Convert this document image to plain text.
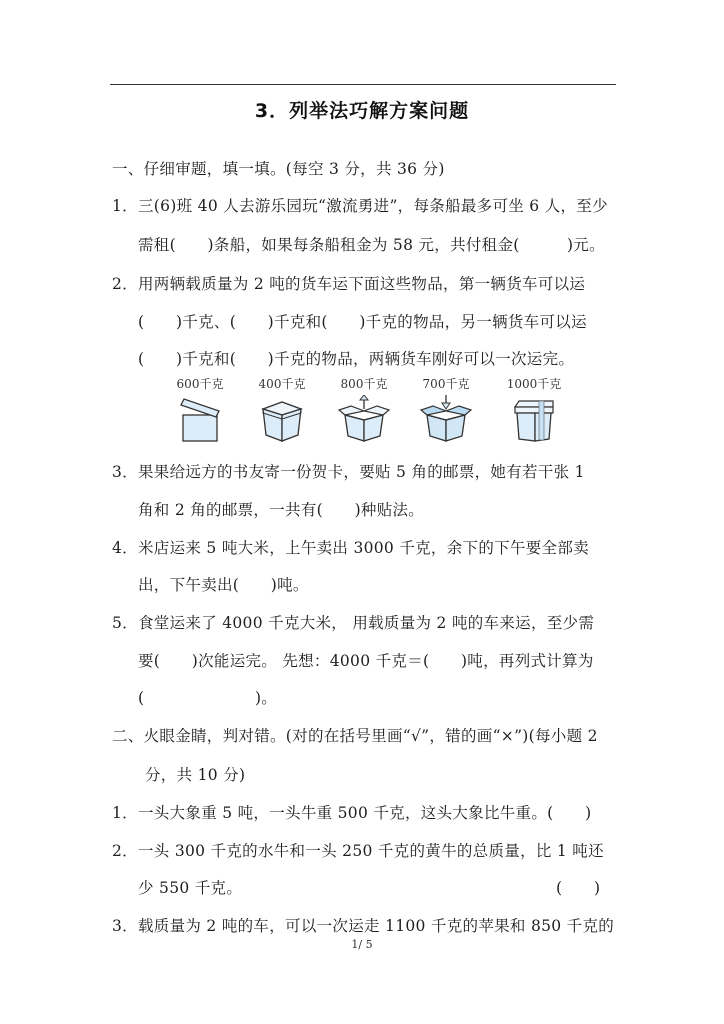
3．列举法巧解方案问题
一、仔细审题，填一填。(每空 3 分，共 36 分)
1．三(6)班 40 人去游乐园玩“激流勇进”，每条船最多可坐 6 人，至少
需租(　　)条船，如果每条船租金为 58 元，共付租金(　　　)元。
2．用两辆载质量为 2 吨的货车运下面这些物品，第一辆货车可以运
(　　)千克、(　　)千克和(　　)千克的物品，另一辆货车可以运
(　　)千克和(　　)千克的物品，两辆货车刚好可以一次运完。
600千克	400千克	800千克	700千克	1000千克
3．果果给远方的书友寄一份贺卡，要贴 5 角的邮票，她有若干张 1
角和 2 角的邮票，一共有(　　)种贴法。
4．米店运来 5 吨大米，上午卖出 3000 千克，余下的下午要全部卖
出，下午卖出(　　)吨。
5．食堂运来了 4000 千克大米， 用载质量为 2 吨的车来运，至少需
要(　　)次能运完。 先想：4000 千克＝(　　)吨，再列式计算为
(　　　　　　　)。
二、火眼金睛，判对错。(对的在括号里画“√”，错的画“×”)(每小题 2
分，共 10 分)
1．一头大象重 5 吨，一头牛重 500 千克，这头大象比牛重。(　　)
2．一头 300 千克的水牛和一头 250 千克的黄牛的总质量，比 1 吨还
少 550 千克。	(　　)
3．载质量为 2 吨的车，可以一次运走 1100 千克的苹果和 850 千克的
1/ 5
